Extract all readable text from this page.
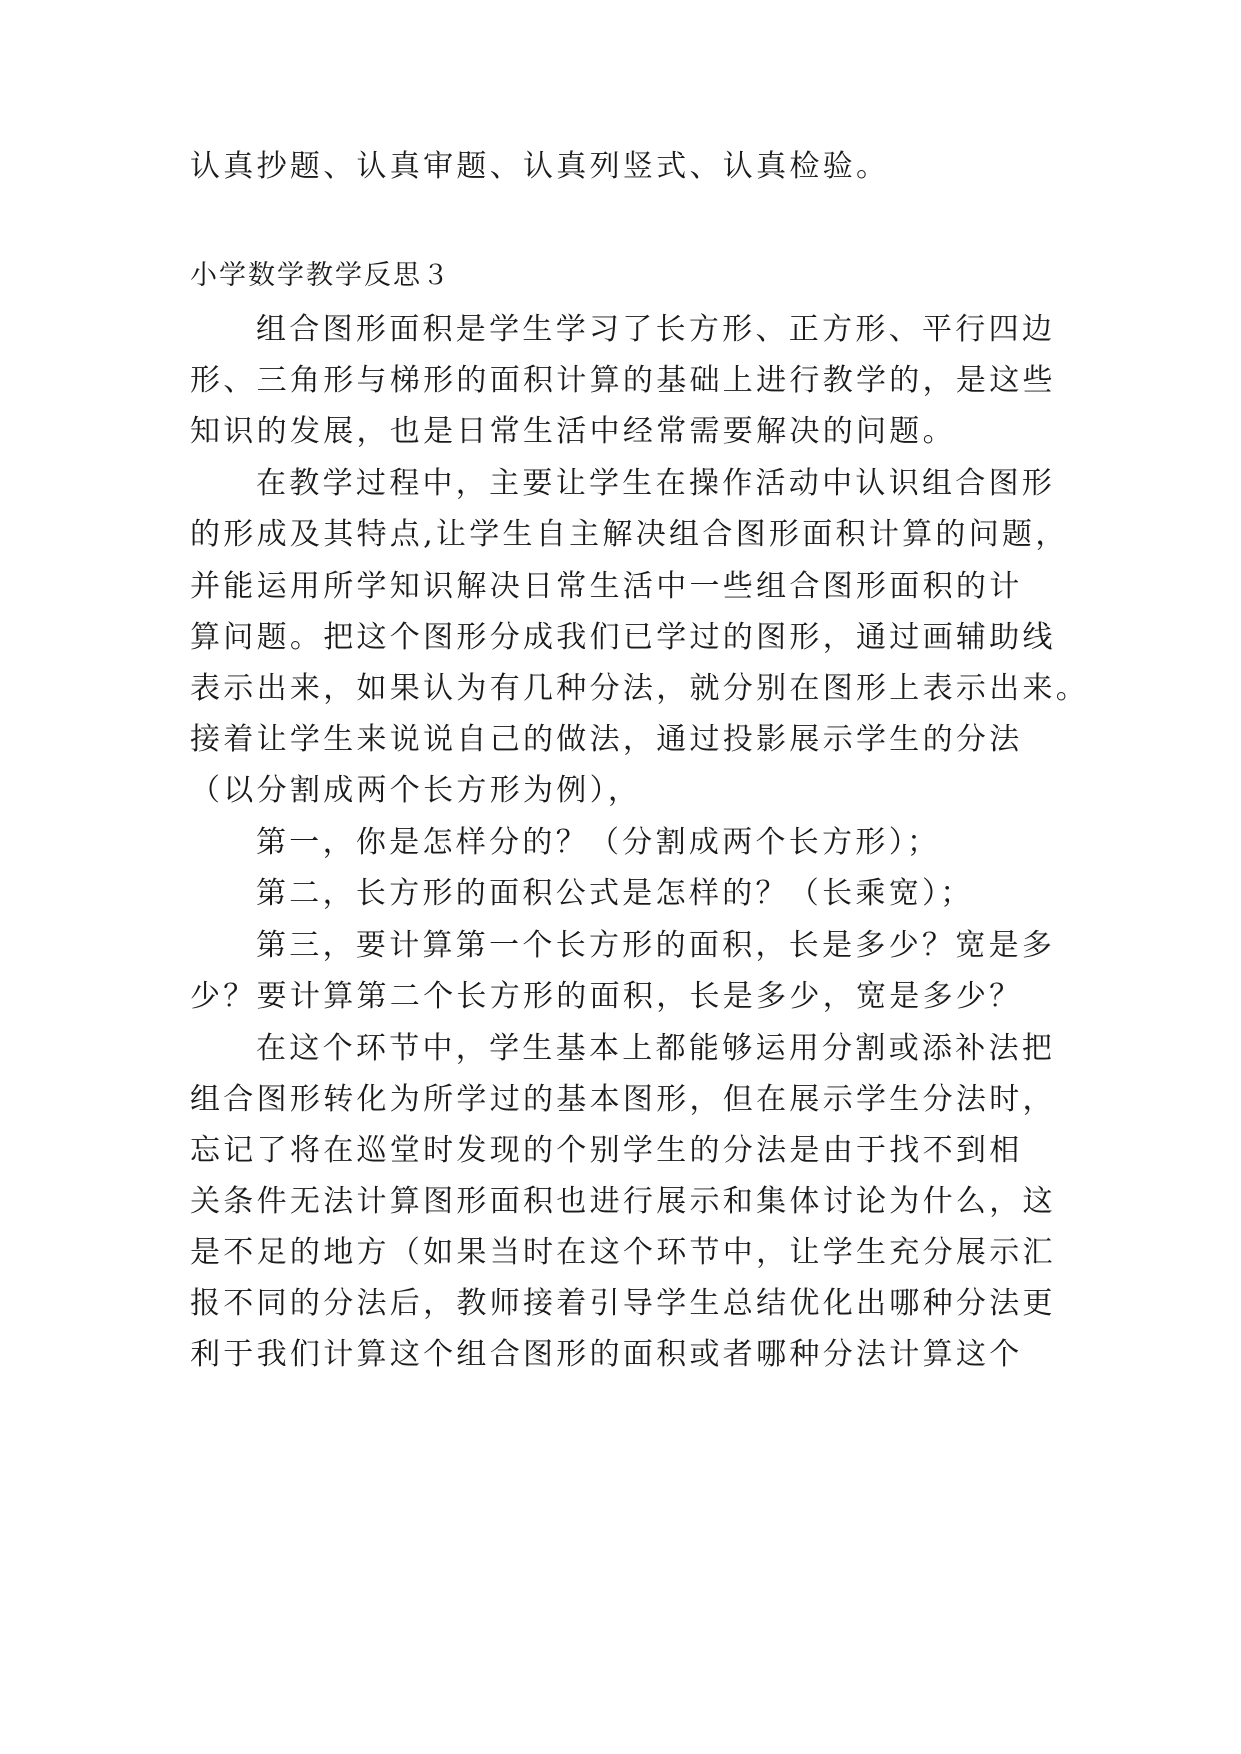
认真抄题、认真审题、认真列竖式、认真检验。
小学数学教学反思３
组合图形面积是学生学习了长方形、正方形、平行四边
形、三角形与梯形的面积计算的基础上进行教学的，是这些
知识的发展，也是日常生活中经常需要解决的问题。
在教学过程中，主要让学生在操作活动中认识组合图形
的形成及其特点,让学生自主解决组合图形面积计算的问题，
并能运用所学知识解决日常生活中一些组合图形面积的计
算问题。把这个图形分成我们已学过的图形，通过画辅助线
表示出来，如果认为有几种分法，就分别在图形上表示出来。
接着让学生来说说自己的做法，通过投影展示学生的分法
（以分割成两个长方形为例），
第一，你是怎样分的？（分割成两个长方形）；
第二，长方形的面积公式是怎样的？（长乘宽）；
第三，要计算第一个长方形的面积，长是多少？宽是多
少？要计算第二个长方形的面积，长是多少，宽是多少？
在这个环节中，学生基本上都能够运用分割或添补法把
组合图形转化为所学过的基本图形，但在展示学生分法时，
忘记了将在巡堂时发现的个别学生的分法是由于找不到相
关条件无法计算图形面积也进行展示和集体讨论为什么，这
是不足的地方（如果当时在这个环节中，让学生充分展示汇
报不同的分法后，教师接着引导学生总结优化出哪种分法更
利于我们计算这个组合图形的面积或者哪种分法计算这个
